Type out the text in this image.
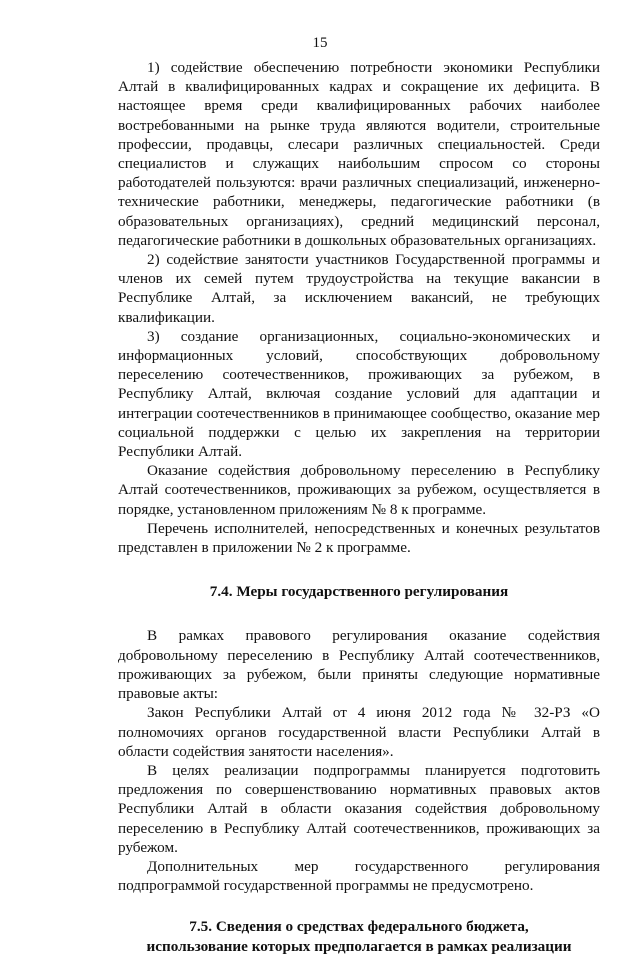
15

1) содействие обеспечению потребности экономики Республики Алтай в квалифицированных кадрах и сокращение их дефицита. В настоящее время среди квалифицированных рабочих наиболее востребованными на рынке труда являются водители, строительные профессии, продавцы, слесари различных специальностей. Среди специалистов и служащих наибольшим спросом со стороны работодателей пользуются: врачи различных специализаций, инженерно-технические работники, менеджеры, педагогические работники (в образовательных организациях), средний медицинский персонал, педагогические работники в дошкольных образовательных организациях.

2) содействие занятости участников Государственной программы и членов их семей путем трудоустройства на текущие вакансии в Республике Алтай, за исключением вакансий, не требующих квалификации.

3) создание организационных, социально-экономических и информационных условий, способствующих добровольному переселению соотечественников, проживающих за рубежом, в Республику Алтай, включая создание условий для адаптации и интеграции соотечественников в принимающее сообщество, оказание мер социальной поддержки с целью их закрепления на территории Республики Алтай.

Оказание содействия добровольному переселению в Республику Алтай соотечественников, проживающих за рубежом, осуществляется в порядке, установленном приложениям № 8 к программе.

Перечень исполнителей, непосредственных и конечных результатов представлен в приложении № 2 к программе.

7.4. Меры государственного регулирования

В рамках правового регулирования оказание содействия добровольному переселению в Республику Алтай соотечественников, проживающих за рубежом, были приняты следующие нормативные правовые акты:

Закон Республики Алтай от 4 июня 2012 года № 32-РЗ «О полномочиях органов государственной власти Республики Алтай в области содействия занятости населения».

В целях реализации подпрограммы планируется подготовить предложения по совершенствованию нормативных правовых актов Республики Алтай в области оказания содействия добровольному переселению в Республику Алтай соотечественников, проживающих за рубежом.

Дополнительных мер государственного регулирования подпрограммой государственной программы не предусмотрено.

7.5. Сведения о средствах федерального бюджета,
использование которых предполагается в рамках реализации
